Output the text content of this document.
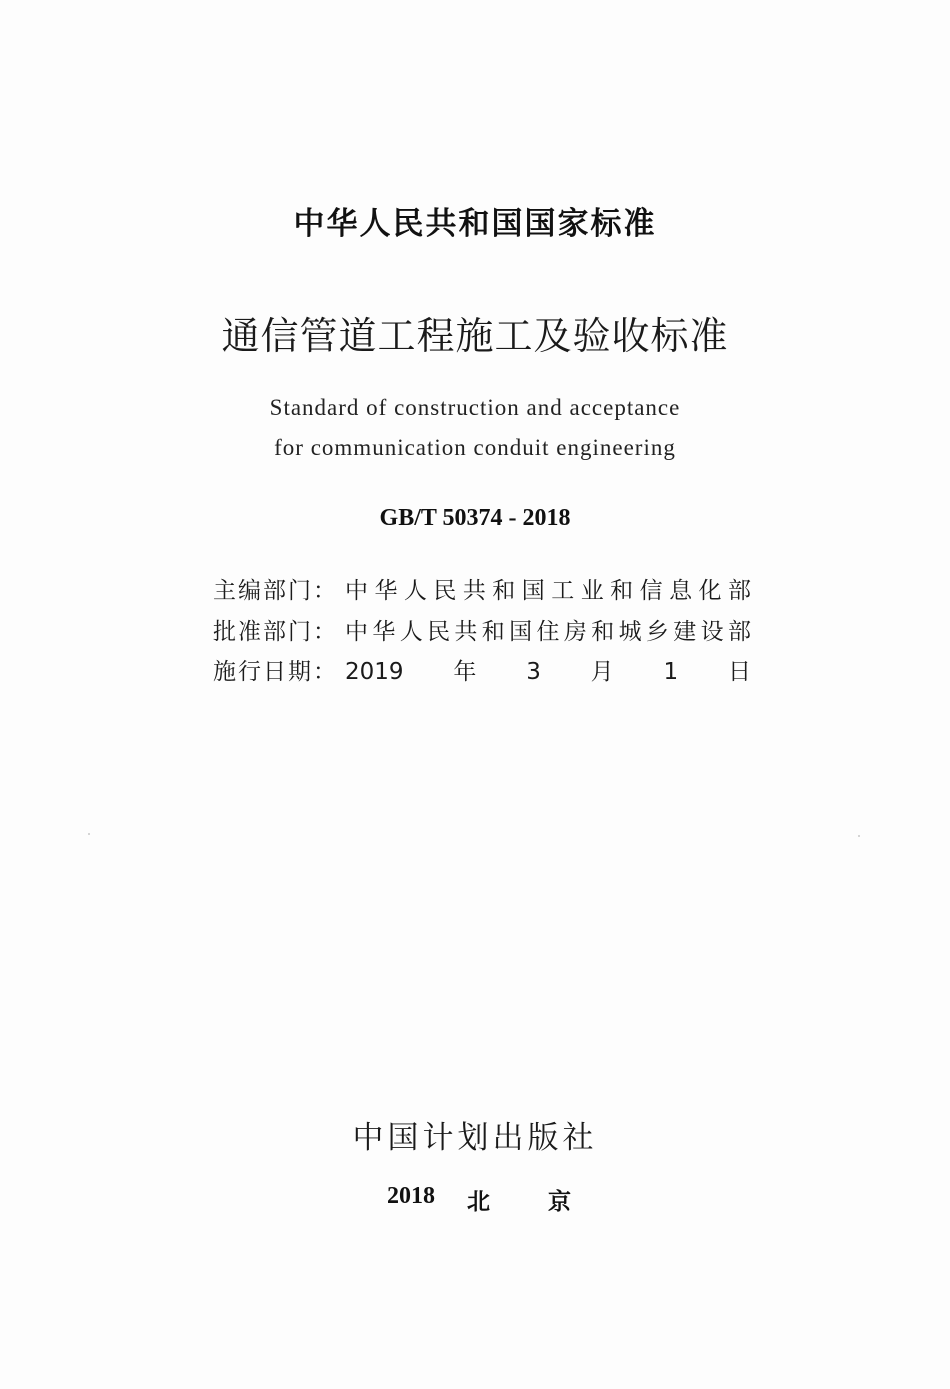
中华人民共和国国家标准
通信管道工程施工及验收标准
Standard of construction and acceptance
for communication conduit engineering
GB/T 50374 - 2018
主编部门： 中华人民共和国工业和信息化部
批准部门： 中华人民共和国住房和城乡建设部
施行日期： 2019年3月1日
中国计划出版社
2018 北京
